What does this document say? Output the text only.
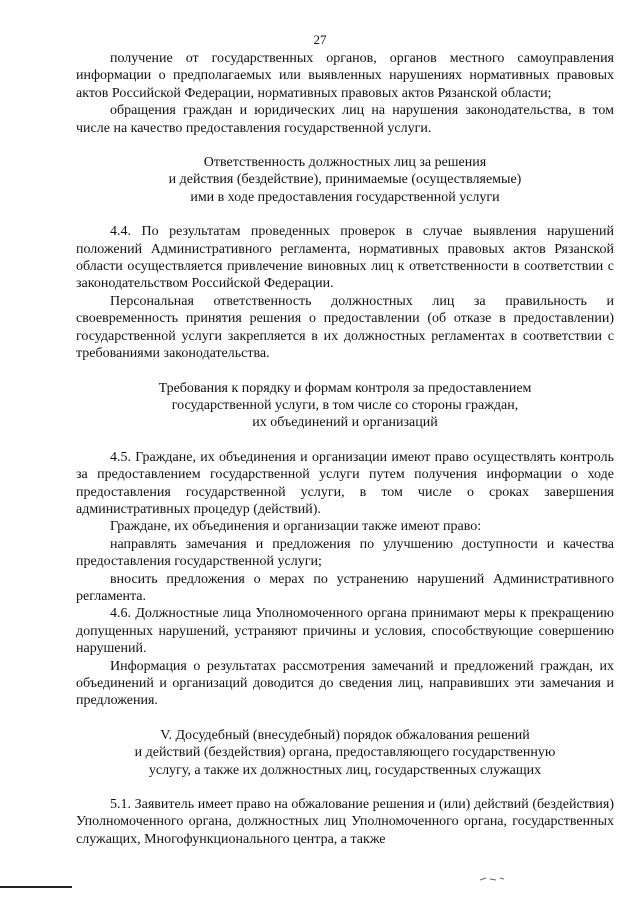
27

получение от государственных органов, органов местного самоуправления информации о предполагаемых или выявленных нарушениях нормативных правовых актов Российской Федерации, нормативных правовых актов Рязанской области;

обращения граждан и юридических лиц на нарушения законодательства, в том числе на качество предоставления государственной услуги.

Ответственность должностных лиц за решения

и действия (бездействие), принимаемые (осуществляемые)

ими в ходе предоставления государственной услуги

4.4. По результатам проведенных проверок в случае выявления нарушений положений Административного регламента, нормативных правовых актов Рязанской области осуществляется привлечение виновных лиц к ответственности в соответствии с законодательством Российской Федерации.

Персональная ответственность должностных лиц за правильность и своевременность принятия решения о предоставлении (об отказе в предоставлении) государственной услуги закрепляется в их должностных регламентах в соответствии с требованиями законодательства.

Требования к порядку и формам контроля за предоставлением

государственной услуги, в том числе со стороны граждан,

их объединений и организаций

4.5. Граждане, их объединения и организации имеют право осуществлять контроль за предоставлением государственной услуги путем получения информации о ходе предоставления государственной услуги, в том числе о сроках завершения административных процедур (действий).

Граждане, их объединения и организации также имеют право:

направлять замечания и предложения по улучшению доступности и качества предоставления государственной услуги;

вносить предложения о мерах по устранению нарушений Административного регламента.

4.6. Должностные лица Уполномоченного органа принимают меры к прекращению допущенных нарушений, устраняют причины и условия, способствующие совершению нарушений.

Информация о результатах рассмотрения замечаний и предложений граждан, их объединений и организаций доводится до сведения лиц, направивших эти замечания и предложения.

V. Досудебный (внесудебный) порядок обжалования решений

и действий (бездействия) органа, предоставляющего государственную

услугу, а также их должностных лиц, государственных служащих

5.1. Заявитель имеет право на обжалование решения и (или) действий (бездействия) Уполномоченного органа, должностных лиц Уполномоченного органа, государственных служащих, Многофункционального центра, а также
